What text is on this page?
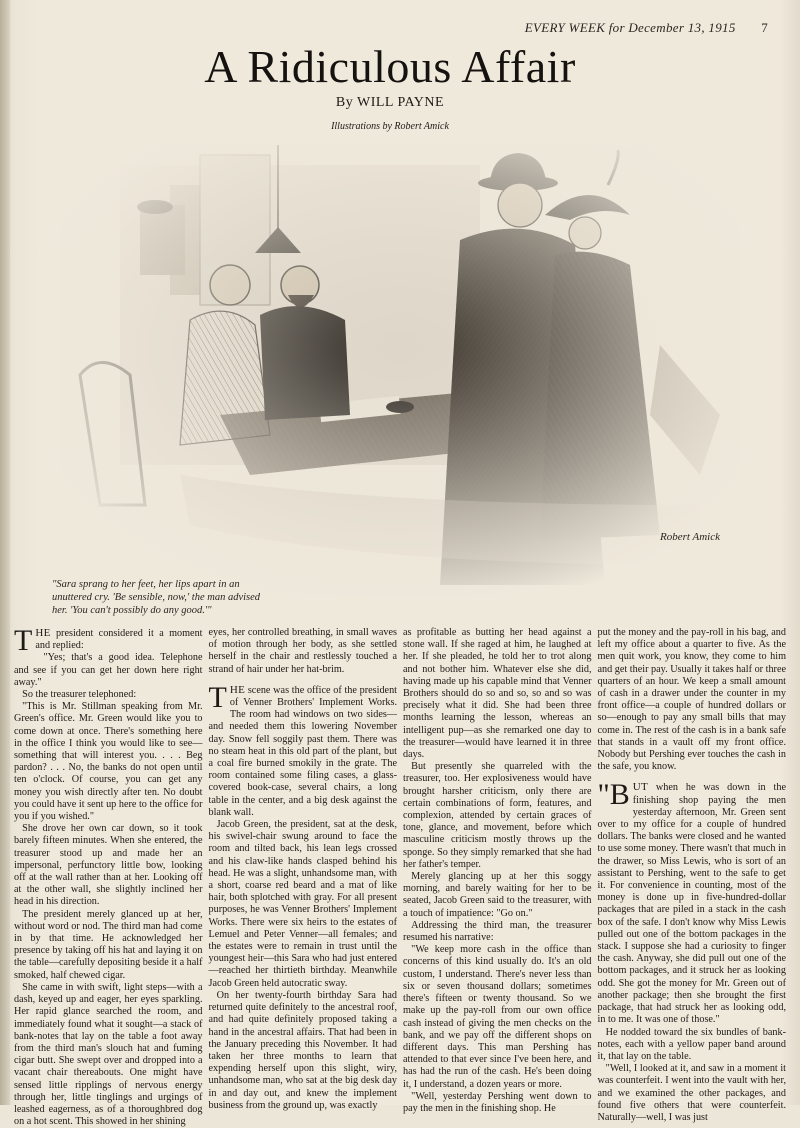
EVERY WEEK for December 13, 1915 7
A Ridiculous Affair
By WILL PAYNE
Illustrations by Robert Amick
Robert Amick
"Sara sprang to her feet, her lips apart in an unuttered cry. 'Be sensible, now,' the man advised her. 'You can't possibly do any good.'"

THE president considered it a moment and replied:

"Yes; that's a good idea. Telephone and see if you can get her down here right away."

So the treasurer telephoned:

"This is Mr. Stillman speaking from Mr. Green's office. Mr. Green would like you to come down at once. There's something here in the office I think you would like to see—something that will interest you. . . . Beg pardon? . . . No, the banks do not open until ten o'clock. Of course, you can get any money you wish directly after ten. No doubt you could have it sent up here to the office for you if you wished."

She drove her own car down, so it took barely fifteen minutes. When she entered, the treasurer stood up and made her an impersonal, perfunctory little bow, looking off at the wall rather than at her. Looking off at the other wall, she slightly inclined her head in his direction.

The president merely glanced up at her, without word or nod. The third man had come in by that time. He acknowledged her presence by taking off his hat and laying it on the table—carefully depositing beside it a half smoked, half chewed cigar.

She came in with swift, light steps—with a dash, keyed up and eager, her eyes sparkling. Her rapid glance searched the room, and immediately found what it sought—a stack of bank-notes that lay on the table a foot away from the third man's slouch hat and fuming cigar butt. She swept over and dropped into a vacant chair thereabouts. One might have sensed little ripplings of nervous energy through her, little tinglings and urgings of leashed eagerness, as of a thoroughbred dog on a hot scent. This showed in her shining

eyes, her controlled breathing, in small waves of motion through her body, as she settled herself in the chair and restlessly touched a strand of hair under her hat-brim.

THE scene was the office of the president of Venner Brothers' Implement Works. The room had windows on two sides—and needed them this lowering November day. Snow fell soggily past them. There was no steam heat in this old part of the plant, but a coal fire burned smokily in the grate. The room contained some filing cases, a glass-covered book-case, several chairs, a long table in the center, and a big desk against the blank wall.

Jacob Green, the president, sat at the desk, his swivel-chair swung around to face the room and tilted back, his lean legs crossed and his claw-like hands clasped behind his head. He was a slight, unhandsome man, with a short, coarse red beard and a mat of like hair, both splotched with gray. For all present purposes, he was Venner Brothers' Implement Works. There were six heirs to the estates of Lemuel and Peter Venner—all females; and the estates were to remain in trust until the youngest heir—this Sara who had just entered—reached her thirtieth birthday. Meanwhile Jacob Green held autocratic sway.

On her twenty-fourth birthday Sara had returned quite definitely to the ancestral roof, and had quite definitely proposed taking a hand in the ancestral affairs. That had been in the January preceding this November. It had taken her three months to learn that expending herself upon this slight, wiry, unhandsome man, who sat at the big desk day in and day out, and knew the implement business from the ground up, was exactly

as profitable as butting her head against a stone wall. If she raged at him, he laughed at her. If she pleaded, he told her to trot along and not bother him. Whatever else she did, having made up his capable mind that Venner Brothers should do so and so, so and so was precisely what it did. She had been three months learning the lesson, whereas an intelligent pup—as she remarked one day to the treasurer—would have learned it in three days.

But presently she quarreled with the treasurer, too. Her explosiveness would have brought harsher criticism, only there are certain combinations of form, features, and complexion, attended by certain graces of tone, glance, and movement, before which masculine criticism mostly throws up the sponge. So they simply remarked that she had her father's temper.

Merely glancing up at her this soggy morning, and barely waiting for her to be seated, Jacob Green said to the treasurer, with a touch of impatience: "Go on."

Addressing the third man, the treasurer resumed his narrative:

"We keep more cash in the office than concerns of this kind usually do. It's an old custom, I understand. There's never less than six or seven thousand dollars; sometimes there's fifteen or twenty thousand. So we make up the pay-roll from our own office cash instead of giving the men checks on the bank, and we pay off the different shops on different days. This man Pershing has attended to that ever since I've been here, and has had the run of the cash. He's been doing it, I understand, a dozen years or more.

"Well, yesterday Pershing went down to pay the men in the finishing shop. He

put the money and the pay-roll in his bag, and left my office about a quarter to five. As the men quit work, you know, they come to him and get their pay. Usually it takes half or three quarters of an hour. We keep a small amount of cash in a drawer under the counter in my front office—a couple of hundred dollars or so—enough to pay any small bills that may come in. The rest of the cash is in a bank safe that stands in a vault off my front office. Nobody but Pershing ever touches the cash in the safe, you know.

"BUT when he was down in the finishing shop paying the men yesterday afternoon, Mr. Green sent over to my office for a couple of hundred dollars. The banks were closed and he wanted to use some money. There wasn't that much in the drawer, so Miss Lewis, who is sort of an assistant to Pershing, went to the safe to get it. For convenience in counting, most of the money is done up in five-hundred-dollar packages that are piled in a stack in the cash box of the safe. I don't know why Miss Lewis pulled out one of the bottom packages in the stack. I suppose she had a curiosity to finger the cash. Anyway, she did pull out one of the bottom packages, and it struck her as looking odd. She got the money for Mr. Green out of another package; then she brought the first package, that had struck her as looking odd, in to me. It was one of those."

He nodded toward the six bundles of bank-notes, each with a yellow paper band around it, that lay on the table.

"Well, I looked at it, and saw in a moment it was counterfeit. I went into the vault with her, and we examined the other packages, and found five others that were counterfeit. Naturally—well, I was just
